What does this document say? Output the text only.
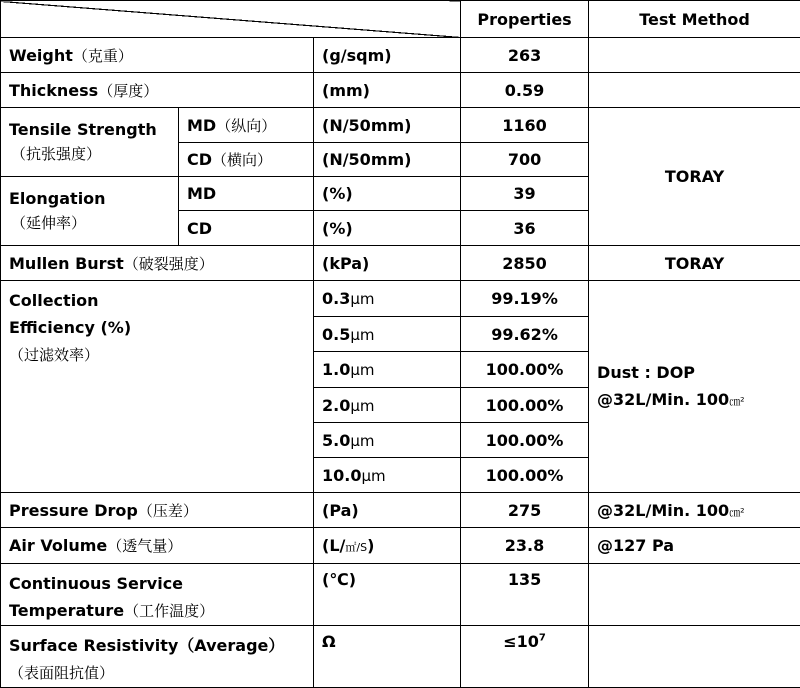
			Properties	Test Method
Weight（克重）		(g/sqm)	263	
Thickness（厚度）		(mm)	0.59	
Tensile Strength
（抗张强度）	MD（纵向）	(N/50mm)	1160	TORAY
	CD（横向）	(N/50mm)	700	
Elongation
（延伸率）	MD	(%)	39	
	CD	(%)	36	
Mullen Burst（破裂强度）		(kPa)	2850	TORAY
Collection
Efficiency (%)
（过滤效率）		0.3μm	99.19%	Dust : DOP
@32L/Min. 100㎝²
		0.5μm	99.62%	
		1.0μm	100.00%	
		2.0μm	100.00%	
		5.0μm	100.00%	
		10.0μm	100.00%	
Pressure Drop（压差）		(Pa)	275	@32L/Min. 100㎝²
Air Volume（透气量）		(L/㎡/S)	23.8	@127 Pa
Continuous Service
Temperature（工作温度）		(℃)	135	
Surface Resistivity（Average）
（表面阻抗值）		Ω	$\le 10^7$	
